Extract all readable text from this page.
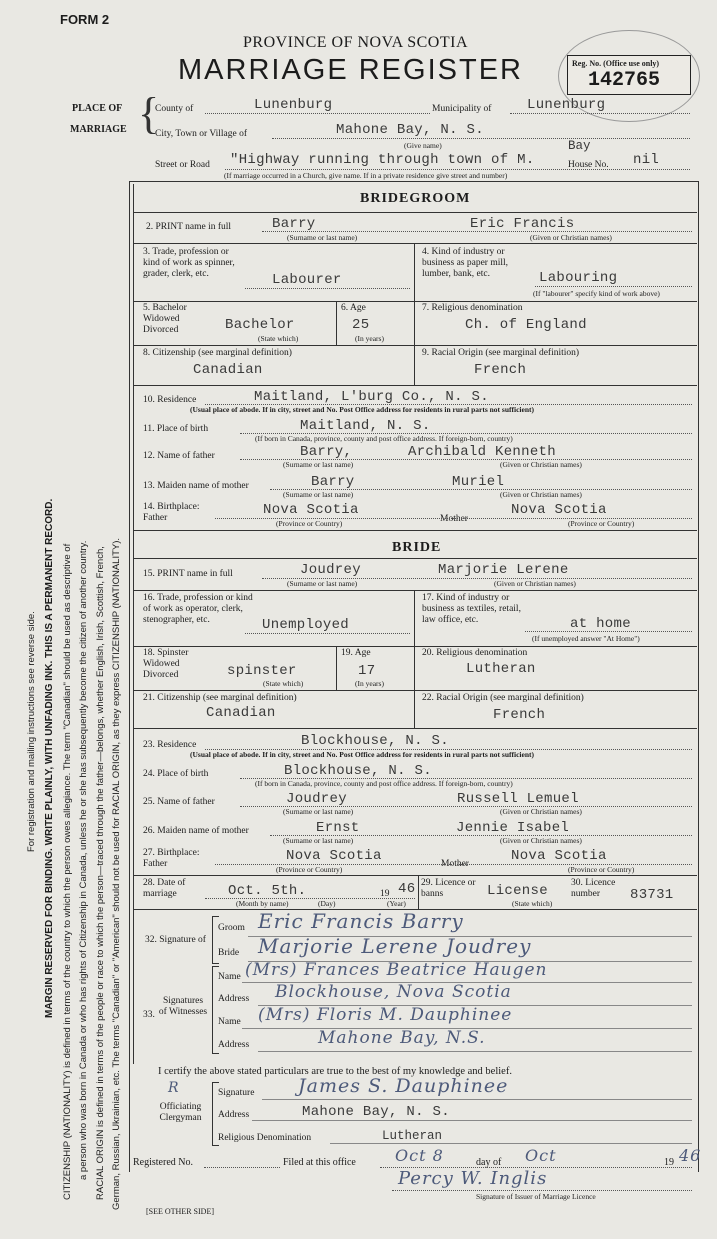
FORM 2
PROVINCE OF NOVA SCOTIA
MARRIAGE REGISTER	Reg. No. (Office use only)
142765
PLACE OF
MARRIAGE {
County of	Lunenburg	Municipality of	Lunenburg
City, Town or Village of	Mahone Bay, N. S.
(Give name)	Bay
Street or Road "Highway running through town of M.	House No. nil
(If marriage occurred in a Church, give name. If in a private residence give street and number)
For registration and mailing instructions see reverse side. MARGIN RESERVED FOR BINDING. WRITE PLAINLY, WITH UNFADING INK. THIS IS A PERMANENT RECORD. CITIZENSHIP (NATIONALITY) is defined in terms of the country to which the person owes allegiance. The term "Canadian" should be used as descriptive of a person who was born in Canada or who has rights of Citizenship in Canada, unless he or she has subsequently become the citizen of another country. RACIAL ORIGIN is defined in terms of the people or race to which the person—traced through the father—belongs, whether English, Irish, Scottish, French, German, Russian, Ukrainian, etc. The terms "Canadian" or "American" should not be used for RACIAL ORIGIN, as they express CITIZENSHIP (NATIONALITY).
BRIDEGROOM
2. PRINT name in full	Barry	Eric Francis
(Surname or last name)	(Given or Christian names)
3. Trade, profession or kind of work as spinner, grader, clerk, etc.	Labourer
4. Kind of industry or business as paper mill, lumber, bank, etc.	Labouring
(If "labourer" specify kind of work above)
5. Bachelor Widowed Divorced	Bachelor
(State which)
6. Age
25
(In years)
7. Religious denomination
Ch. of England
8. Citizenship (see marginal definition)
Canadian
9. Racial Origin (see marginal definition)
French
10. Residence	Maitland, L'burg Co., N. S.
(Usual place of abode. If in city, street and No. Post Office address for residents in rural parts not sufficient)
11. Place of birth	Maitland, N. S.
(If born in Canada, province, county and post office address. If foreign-born, country)
12. Name of father	Barry,	Archibald Kenneth
(Surname or last name)	(Given or Christian names)
13. Maiden name of mother	Barry	Muriel
(Surname or last name)	(Given or Christian names)
14. Birthplace: Father	Nova Scotia
Mother
Nova Scotia
(Province or Country)	(Province or Country)
BRIDE
15. PRINT name in full	Joudrey	Marjorie Lerene
(Surname or last name)	(Given or Christian names)
16. Trade, profession or kind of work as operator, clerk, stenographer, etc.	Unemployed
17. Kind of industry or business as textiles, retail, law office, etc.	at home
(If unemployed answer "At Home")
18. Spinster Widowed Divorced	spinster
(State which)
19. Age
17
(In years)
20. Religious denomination
Lutheran
21. Citizenship (see marginal definition)
Canadian
22. Racial Origin (see marginal definition)
French
23. Residence	Blockhouse, N. S.
(Usual place of abode. If in city, street and No. Post Office address for residents in rural parts not sufficient)
24. Place of birth	Blockhouse, N. S.
(If born in Canada, province, county and post office address. If foreign-born, country)
25. Name of father	Joudrey	Russell Lemuel
(Surname or last name)	(Given or Christian names)
26. Maiden name of mother	Ernst	Jennie Isabel
(Surname or last name)	(Given or Christian names)
27. Birthplace: Father	Nova Scotia	Mother	Nova Scotia
(Province or Country)	(Province or Country)
28. Date of marriage	Oct. 5th.	19 46
(Month by name)	(Day)	(Year)
29. Licence or banns	License
(State which)
30. Licence number	83731
32. Signature of
Groom Eric Francis Barry
Bride Marjorie Lerene Joudrey
33.
Signatures of Witnesses
Name (Mrs) Frances Beatrice Haugen
Address Blockhouse, Nova Scotia
Name (Mrs) Floris M. Dauphinee
Address	Mahone Bay, N.S.
I certify the above stated particulars are true to the best of my knowledge and belief.
Officiating Clergyman
Signature James S. Dauphinee
Address	Mahone Bay, N. S.
Religious Denomination	Lutheran
R
Registered No.	Filed at this office Oct 8	day of Oct	19 46
Percy W. Inglis
Signature of Issuer of Marriage Licence
[SEE OTHER SIDE]
